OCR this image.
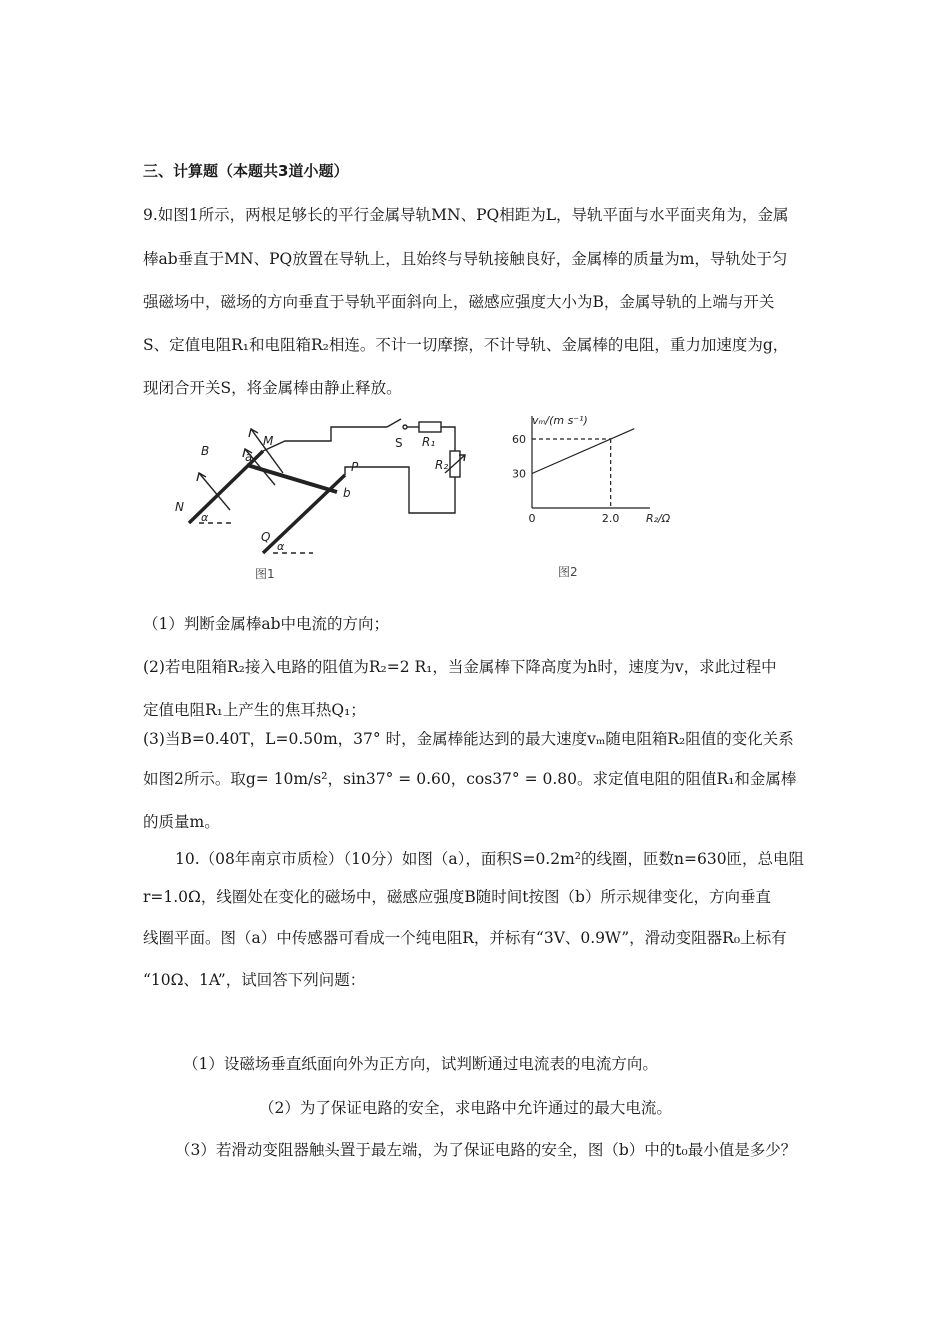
三、计算题（本题共3道小题）
9.如图1所示，两根足够长的平行金属导轨MN、PQ相距为L，导轨平面与水平面夹角为，金属
棒ab垂直于MN、PQ放置在导轨上，且始终与导轨接触良好，金属棒的质量为m，导轨处于匀
强磁场中，磁场的方向垂直于导轨平面斜向上，磁感应强度大小为B，金属导轨的上端与开关
S、定值电阻R₁和电阻箱R₂相连。不计一切摩擦，不计导轨、金属棒的电阻，重力加速度为g，
现闭合开关S，将金属棒由静止释放。
B
M
N
P
Q
a
b
S R₁
R₂
α
α
图1
60
30
0	2.0
vₘ/(m s⁻¹)
R₂/Ω
图2
（1）判断金属棒ab中电流的方向；
(2)若电阻箱R₂接入电路的阻值为R₂=2 R₁，当金属棒下降高度为h时，速度为v，求此过程中
定值电阻R₁上产生的焦耳热Q₁；
(3)当B=0.40T，L=0.50m，37° 时，金属棒能达到的最大速度vₘ随电阻箱R₂阻值的变化关系
如图2所示。取g= 10m/s²，sin37° = 0.60，cos37° = 0.80。求定值电阻的阻值R₁和金属棒
的质量m。
10.（08年南京市质检）（10分）如图（a），面积S=0.2m²的线圈，匝数n=630匝，总电阻
r=1.0Ω，线圈处在变化的磁场中，磁感应强度B随时间t按图（b）所示规律变化，方向垂直
线圈平面。图（a）中传感器可看成一个纯电阻R，并标有“3V、0.9W”，滑动变阻器R₀上标有
“10Ω、1A”，试回答下列问题：
（1）设磁场垂直纸面向外为正方向，试判断通过电流表的电流方向。
（2）为了保证电路的安全，求电路中允许通过的最大电流。
（3）若滑动变阻器触头置于最左端，为了保证电路的安全，图（b）中的t₀最小值是多少？
